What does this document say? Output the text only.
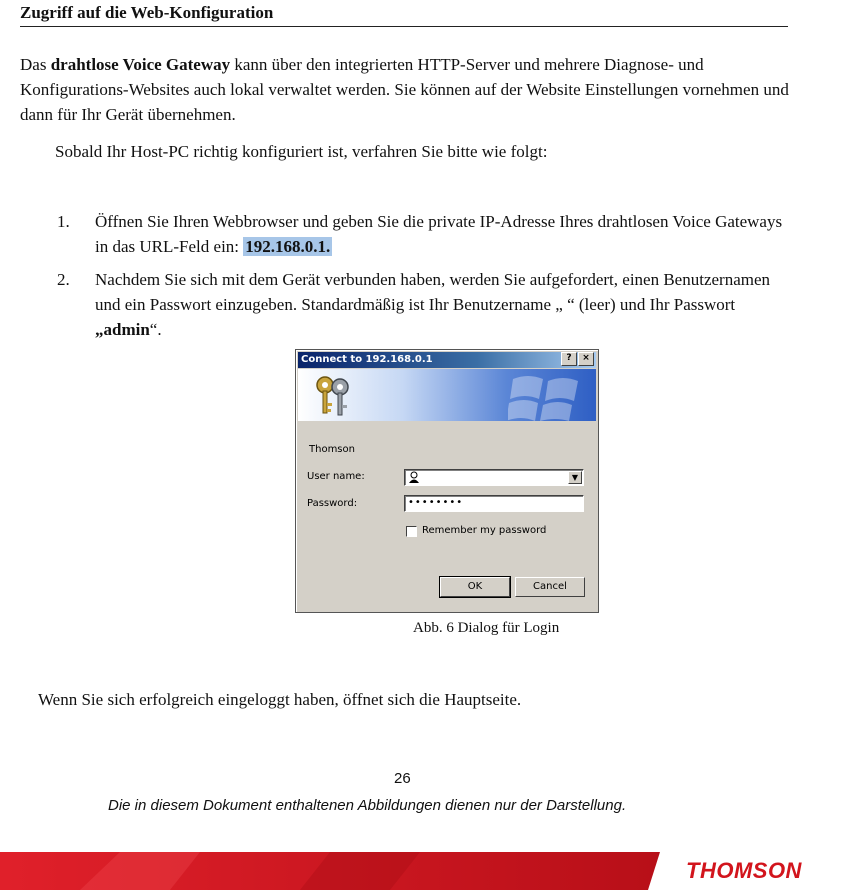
Zugriff auf die Web-Konfiguration
Das drahtlose Voice Gateway kann über den integrierten HTTP-Server und mehrere Diagnose- und Konfigurations-Websites auch lokal verwaltet werden. Sie können auf der Website Einstellungen vornehmen und dann für Ihr Gerät übernehmen.
Sobald Ihr Host-PC richtig konfiguriert ist, verfahren Sie bitte wie folgt:
1. Öffnen Sie Ihren Webbrowser und geben Sie die private IP-Adresse Ihres drahtlosen Voice Gateways in das URL-Feld ein: 192.168.0.1.
2. Nachdem Sie sich mit dem Gerät verbunden haben, werden Sie aufgefordert, einen Benutzernamen und ein Passwort einzugeben. Standardmäßig ist Ihr Benutzername „ “ (leer) und Ihr Passwort „admin“.
Connect to 192.168.0.1	?	×
Thomson
User name:	▼
Password:	••••••••
Remember my password
OK	Cancel
Abb. 6 Dialog für Login
Wenn Sie sich erfolgreich eingeloggt haben, öffnet sich die Hauptseite.
26
Die in diesem Dokument enthaltenen Abbildungen dienen nur der Darstellung.
THOMSON
